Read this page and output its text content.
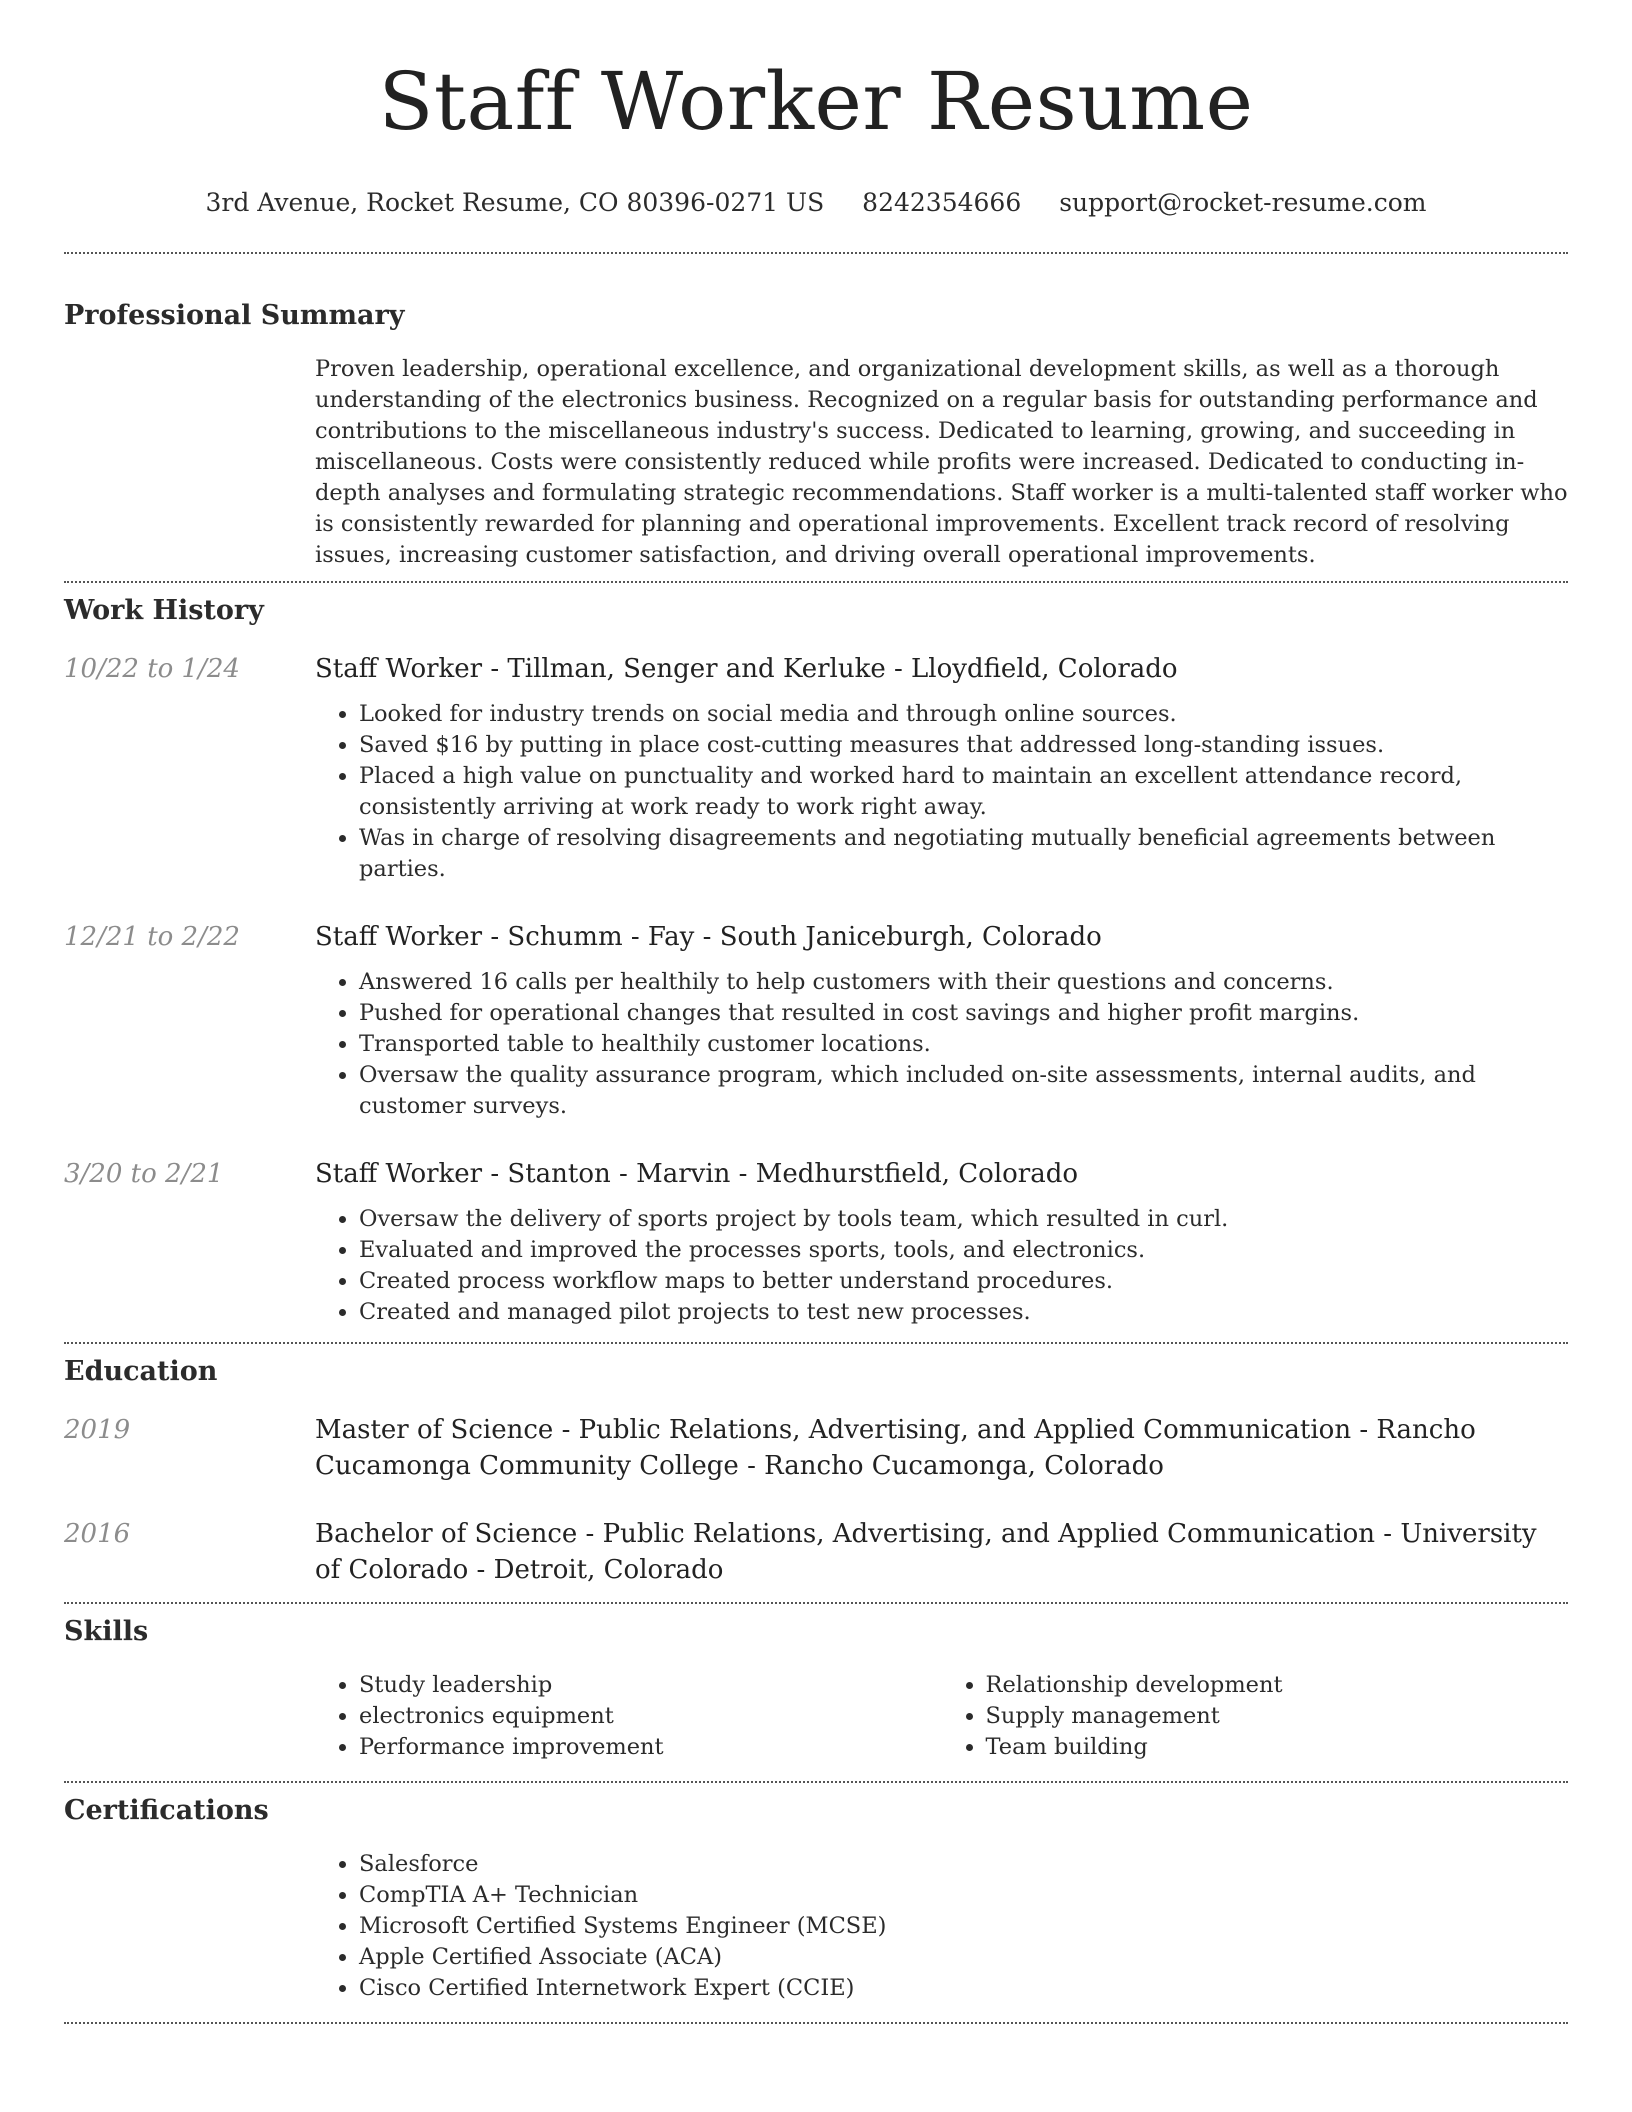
Staff Worker Resume
3rd Avenue, Rocket Resume, CO 80396-0271 US 8242354666 support@rocket-resume.com
Professional Summary

Proven leadership, operational excellence, and organizational development skills, as well as a thorough understanding of the electronics business. Recognized on a regular basis for outstanding performance and contributions to the miscellaneous industry's success. Dedicated to learning, growing, and succeeding in miscellaneous. Costs were consistently reduced while profits were increased. Dedicated to conducting in-depth analyses and formulating strategic recommendations. Staff worker is a multi-talented staff worker who is consistently rewarded for planning and operational improvements. Excellent track record of resolving issues, increasing customer satisfaction, and driving overall operational improvements.

Work History
10/22 to 1/24	Staff Worker - Tillman, Senger and Kerluke - Lloydfield, Colorado
• Looked for industry trends on social media and through online sources.
• Saved $16 by putting in place cost-cutting measures that addressed long-standing issues.
• Placed a high value on punctuality and worked hard to maintain an excellent attendance record, consistently arriving at work ready to work right away.
• Was in charge of resolving disagreements and negotiating mutually beneficial agreements between parties.
12/21 to 2/22	Staff Worker - Schumm - Fay - South Janiceburgh, Colorado
• Answered 16 calls per healthily to help customers with their questions and concerns.
• Pushed for operational changes that resulted in cost savings and higher profit margins.
• Transported table to healthily customer locations.
• Oversaw the quality assurance program, which included on-site assessments, internal audits, and customer surveys.
3/20 to 2/21	Staff Worker - Stanton - Marvin - Medhurstfield, Colorado
• Oversaw the delivery of sports project by tools team, which resulted in curl.
• Evaluated and improved the processes sports, tools, and electronics.
• Created process workflow maps to better understand procedures.
• Created and managed pilot projects to test new processes.
Education
2019	Master of Science - Public Relations, Advertising, and Applied Communication - Rancho Cucamonga Community College - Rancho Cucamonga, Colorado
2016	Bachelor of Science - Public Relations, Advertising, and Applied Communication - University of Colorado - Detroit, Colorado
Skills
• Study leadership
• electronics equipment
• Performance improvement
• Relationship development
• Supply management
• Team building
Certifications
• Salesforce
• CompTIA A+ Technician
• Microsoft Certified Systems Engineer (MCSE)
• Apple Certified Associate (ACA)
• Cisco Certified Internetwork Expert (CCIE)
